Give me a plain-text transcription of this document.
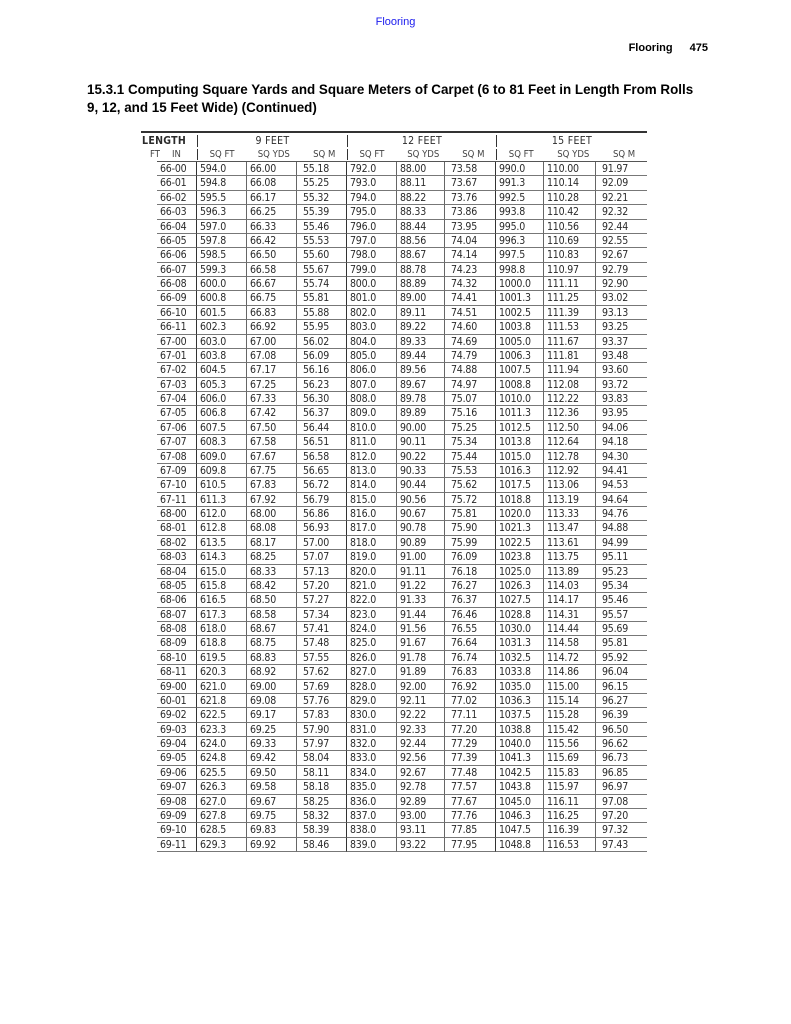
Flooring
Flooring 475
15.3.1 Computing Square Yards and Square Meters of Carpet (6 to 81 Feet in Length From Rolls 9, 12, and 15 Feet Wide) (Continued)
LENGTH	9 FEET	12 FEET	15 FEET
FT IN	SQ FT SQ YDS SQ M	SQ FT SQ YDS SQ M	SQ FT SQ YDS SQ M
66-00	594.0	66.00	55.18	792.0	88.00	73.58	990.0	110.00	91.97
66-01	594.8	66.08	55.25	793.0	88.11	73.67	991.3	110.14	92.09
66-02	595.5	66.17	55.32	794.0	88.22	73.76	992.5	110.28	92.21
66-03	596.3	66.25	55.39	795.0	88.33	73.86	993.8	110.42	92.32
66-04	597.0	66.33	55.46	796.0	88.44	73.95	995.0	110.56	92.44
66-05	597.8	66.42	55.53	797.0	88.56	74.04	996.3	110.69	92.55
66-06	598.5	66.50	55.60	798.0	88.67	74.14	997.5	110.83	92.67
66-07	599.3	66.58	55.67	799.0	88.78	74.23	998.8	110.97	92.79
66-08	600.0	66.67	55.74	800.0	88.89	74.32	1000.0	111.11	92.90
66-09	600.8	66.75	55.81	801.0	89.00	74.41	1001.3	111.25	93.02
66-10	601.5	66.83	55.88	802.0	89.11	74.51	1002.5	111.39	93.13
66-11	602.3	66.92	55.95	803.0	89.22	74.60	1003.8	111.53	93.25
67-00	603.0	67.00	56.02	804.0	89.33	74.69	1005.0	111.67	93.37
67-01	603.8	67.08	56.09	805.0	89.44	74.79	1006.3	111.81	93.48
67-02	604.5	67.17	56.16	806.0	89.56	74.88	1007.5	111.94	93.60
67-03	605.3	67.25	56.23	807.0	89.67	74.97	1008.8	112.08	93.72
67-04	606.0	67.33	56.30	808.0	89.78	75.07	1010.0	112.22	93.83
67-05	606.8	67.42	56.37	809.0	89.89	75.16	1011.3	112.36	93.95
67-06	607.5	67.50	56.44	810.0	90.00	75.25	1012.5	112.50	94.06
67-07	608.3	67.58	56.51	811.0	90.11	75.34	1013.8	112.64	94.18
67-08	609.0	67.67	56.58	812.0	90.22	75.44	1015.0	112.78	94.30
67-09	609.8	67.75	56.65	813.0	90.33	75.53	1016.3	112.92	94.41
67-10	610.5	67.83	56.72	814.0	90.44	75.62	1017.5	113.06	94.53
67-11	611.3	67.92	56.79	815.0	90.56	75.72	1018.8	113.19	94.64
68-00	612.0	68.00	56.86	816.0	90.67	75.81	1020.0	113.33	94.76
68-01	612.8	68.08	56.93	817.0	90.78	75.90	1021.3	113.47	94.88
68-02	613.5	68.17	57.00	818.0	90.89	75.99	1022.5	113.61	94.99
68-03	614.3	68.25	57.07	819.0	91.00	76.09	1023.8	113.75	95.11
68-04	615.0	68.33	57.13	820.0	91.11	76.18	1025.0	113.89	95.23
68-05	615.8	68.42	57.20	821.0	91.22	76.27	1026.3	114.03	95.34
68-06	616.5	68.50	57.27	822.0	91.33	76.37	1027.5	114.17	95.46
68-07	617.3	68.58	57.34	823.0	91.44	76.46	1028.8	114.31	95.57
68-08	618.0	68.67	57.41	824.0	91.56	76.55	1030.0	114.44	95.69
68-09	618.8	68.75	57.48	825.0	91.67	76.64	1031.3	114.58	95.81
68-10	619.5	68.83	57.55	826.0	91.78	76.74	1032.5	114.72	95.92
68-11	620.3	68.92	57.62	827.0	91.89	76.83	1033.8	114.86	96.04
69-00	621.0	69.00	57.69	828.0	92.00	76.92	1035.0	115.00	96.15
60-01	621.8	69.08	57.76	829.0	92.11	77.02	1036.3	115.14	96.27
69-02	622.5	69.17	57.83	830.0	92.22	77.11	1037.5	115.28	96.39
69-03	623.3	69.25	57.90	831.0	92.33	77.20	1038.8	115.42	96.50
69-04	624.0	69.33	57.97	832.0	92.44	77.29	1040.0	115.56	96.62
69-05	624.8	69.42	58.04	833.0	92.56	77.39	1041.3	115.69	96.73
69-06	625.5	69.50	58.11	834.0	92.67	77.48	1042.5	115.83	96.85
69-07	626.3	69.58	58.18	835.0	92.78	77.57	1043.8	115.97	96.97
69-08	627.0	69.67	58.25	836.0	92.89	77.67	1045.0	116.11	97.08
69-09	627.8	69.75	58.32	837.0	93.00	77.76	1046.3	116.25	97.20
69-10	628.5	69.83	58.39	838.0	93.11	77.85	1047.5	116.39	97.32
69-11	629.3	69.92	58.46	839.0	93.22	77.95	1048.8	116.53	97.43
